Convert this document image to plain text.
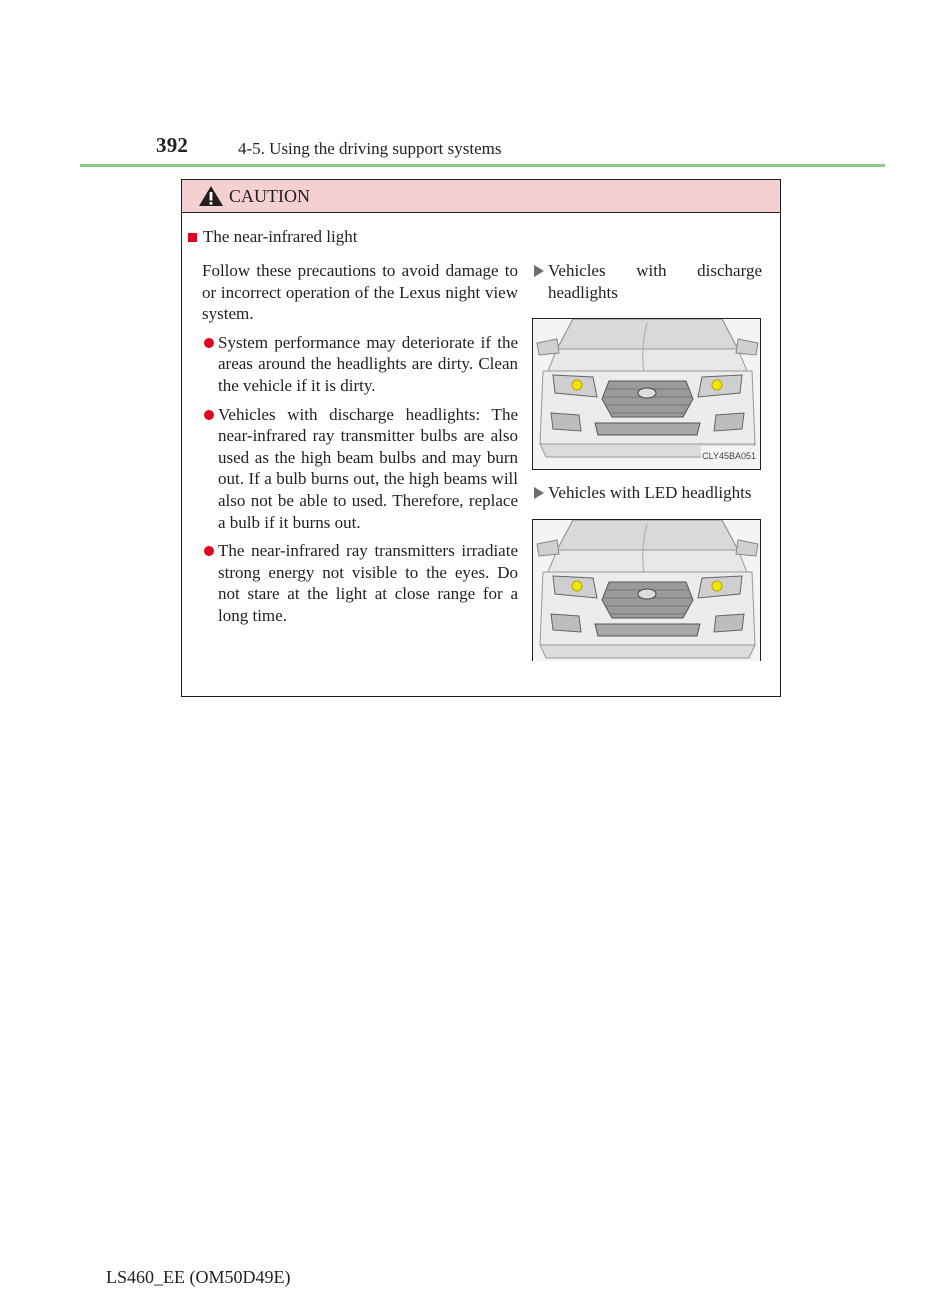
392	4-5. Using the driving support systems
CAUTION
The near-infrared light

Follow these precautions to avoid damage to or incorrect operation of the Lexus night view system.

System performance may deteriorate if the areas around the headlights are dirty. Clean the vehicle if it is dirty.
Vehicles with discharge headlights: The near-infrared ray transmitter bulbs are also used as the high beam bulbs and may burn out. If a bulb burns out, the high beams will also not be able to used. Therefore, replace a bulb if it burns out.
The near-infrared ray transmitters irradiate strong energy not visible to the eyes. Do not stare at the light at close range for a long time.
Vehicles with discharge headlights
CLY45BA051
Vehicles with LED headlights
LS460_EE (OM50D49E)
